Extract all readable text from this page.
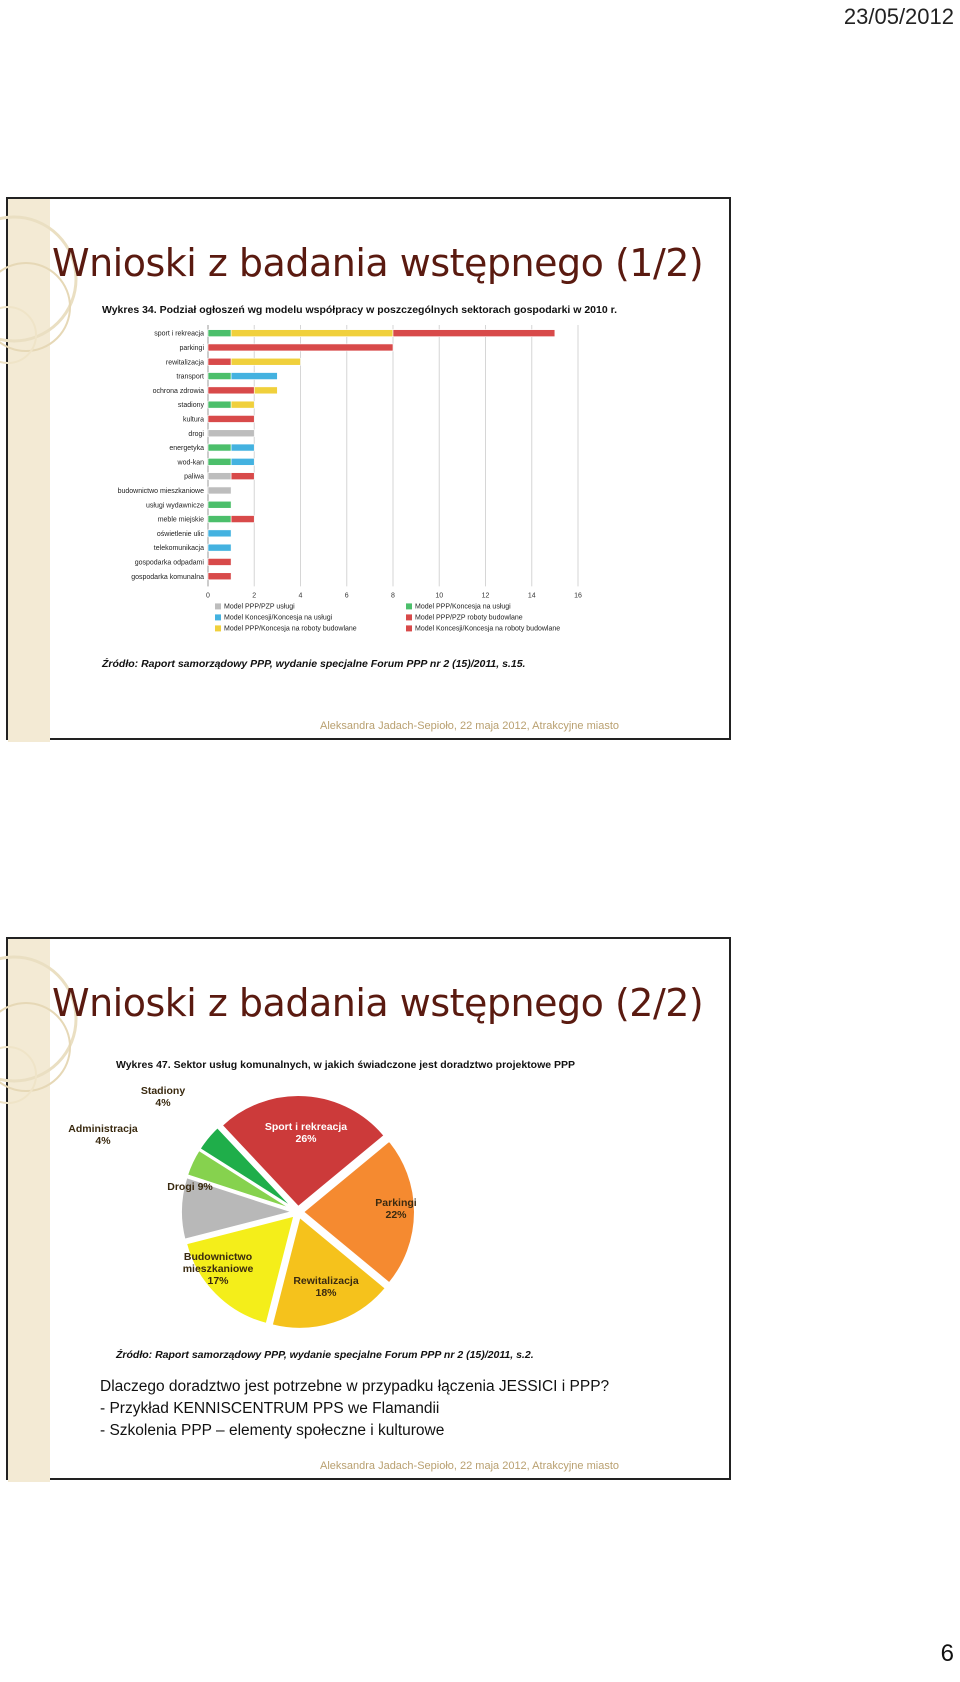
23/05/2012
Wnioski z badania wstępnego (1/2)
Wykres 34. Podział ogłoszeń wg modelu współpracy w poszczególnych sektorach gospodarki w 2010 r.
0	2	4	6	8	10	12	14	16
sport i rekreacja
parkingi
rewitalizacja
transport
ochrona zdrowia
stadiony
kultura
drogi
energetyka
wod-kan
paliwa
budownictwo mieszkaniowe
usługi wydawnicze
meble miejskie
oświetlenie ulic
telekomunikacja
gospodarka odpadami
gospodarka komunalna
Model PPP/PZP usługi	Model PPP/Koncesja na usługi
Model Koncesji/Koncesja na usługi	Model PPP/PZP roboty budowlane
Model PPP/Koncesja na roboty budowlane	Model Koncesji/Koncesja na roboty budowlane
Źródło: Raport samorządowy PPP, wydanie specjalne Forum PPP nr 2 (15)/2011, s.15.
Aleksandra Jadach-Sepioło, 22 maja 2012, Atrakcyjne miasto
Wnioski z badania wstępnego (2/2)
Wykres 47. Sektor usług komunalnych, w jakich świadczone jest doradztwo projektowe PPP
Sport i rekreacja
26%
Parkingi
22%
Rewitalizacja
18%
Budownictwo
mieszkaniowe
17%
Drogi 9%
Administracja
4%
Stadiony
4%
Źródło: Raport samorządowy PPP, wydanie specjalne Forum PPP nr 2 (15)/2011, s.2.
Dlaczego doradztwo jest potrzebne w przypadku łączenia JESSICI i PPP?
- Przykład KENNISCENTRUM PPS we Flamandii
- Szkolenia PPP – elementy społeczne i kulturowe
Aleksandra Jadach-Sepioło, 22 maja 2012, Atrakcyjne miasto
6
